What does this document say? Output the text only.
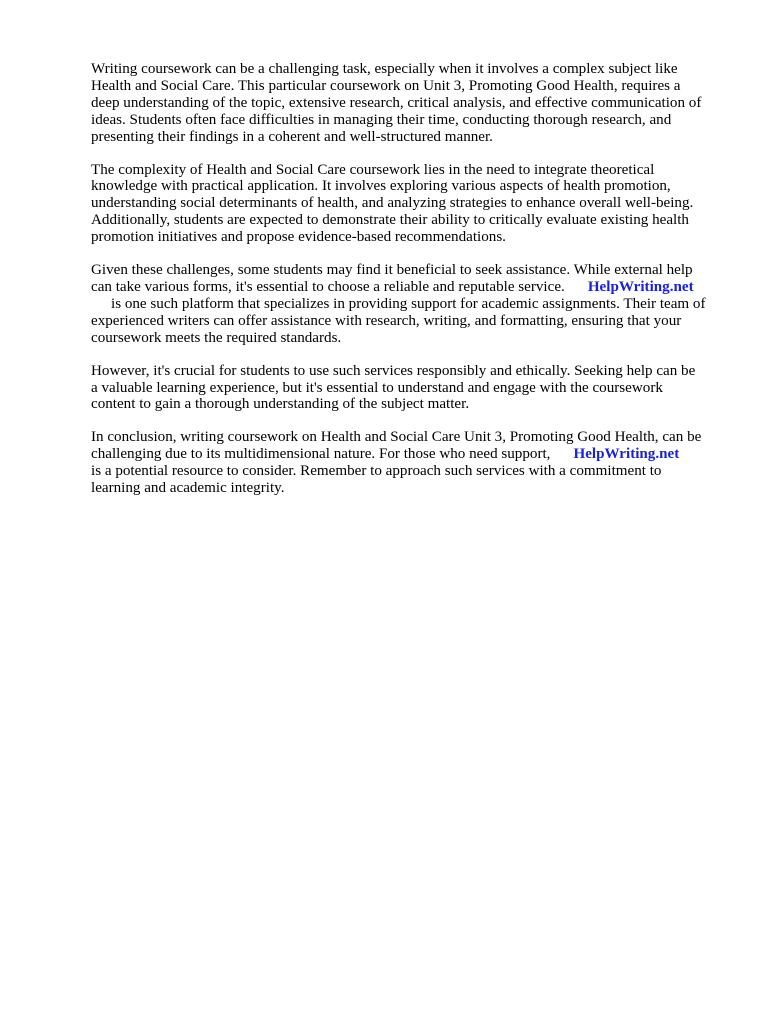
Writing coursework can be a challenging task, especially when it involves a complex subject like
Health and Social Care. This particular coursework on Unit 3, Promoting Good Health, requires a
deep understanding of the topic, extensive research, critical analysis, and effective communication of
ideas. Students often face difficulties in managing their time, conducting thorough research, and
presenting their findings in a coherent and well-structured manner.

The complexity of Health and Social Care coursework lies in the need to integrate theoretical
knowledge with practical application. It involves exploring various aspects of health promotion,
understanding social determinants of health, and analyzing strategies to enhance overall well-being.
Additionally, students are expected to demonstrate their ability to critically evaluate existing health
promotion initiatives and propose evidence-based recommendations.

Given these challenges, some students may find it beneficial to seek assistance. While external help
can take various forms, it's essential to choose a reliable and reputable service. HelpWriting.net
is one such platform that specializes in providing support for academic assignments. Their team of
experienced writers can offer assistance with research, writing, and formatting, ensuring that your
coursework meets the required standards.

However, it's crucial for students to use such services responsibly and ethically. Seeking help can be
a valuable learning experience, but it's essential to understand and engage with the coursework
content to gain a thorough understanding of the subject matter.

In conclusion, writing coursework on Health and Social Care Unit 3, Promoting Good Health, can be
challenging due to its multidimensional nature. For those who need support, HelpWriting.net
is a potential resource to consider. Remember to approach such services with a commitment to
learning and academic integrity.
